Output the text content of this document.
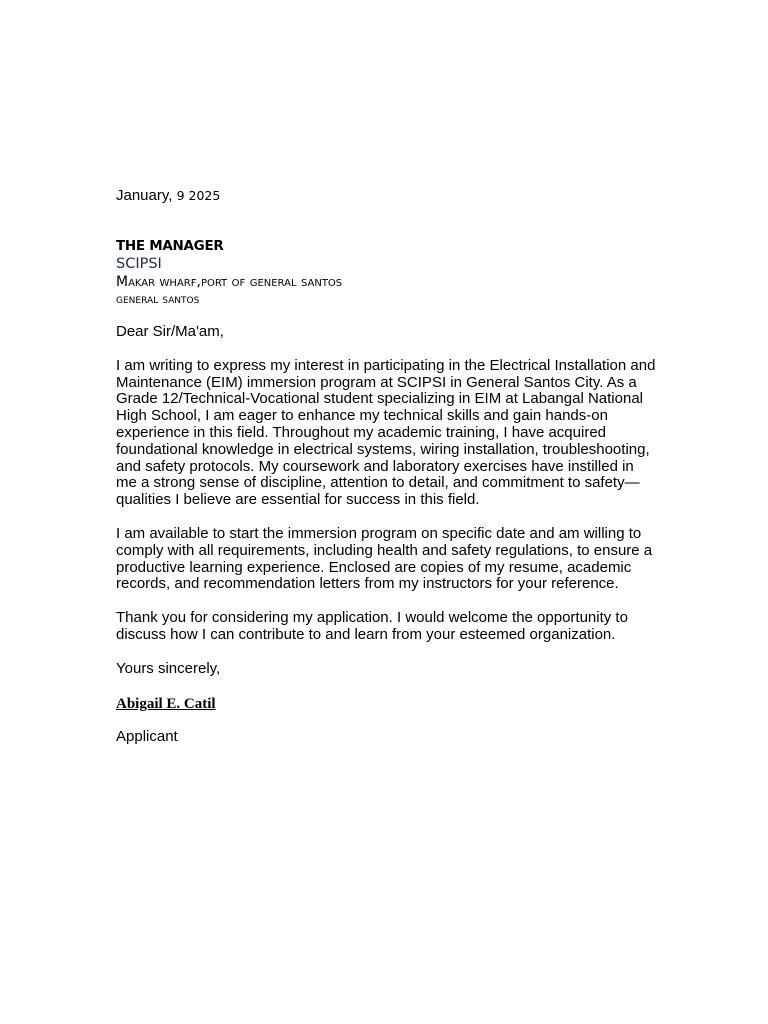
January, 9 2025

THE MANAGER
SCIPSI
Makar wharf,port of general santos
general santos
Dear Sir/Ma'am,
I am writing to express my interest in participating in the Electrical Installation and Maintenance (EIM) immersion program at SCIPSI in General Santos City. As a Grade 12/Technical-Vocational student specializing in EIM at Labangal National High School, I am eager to enhance my technical skills and gain hands-on experience in this field. Throughout my academic training, I have acquired foundational knowledge in electrical systems, wiring installation, troubleshooting, and safety protocols. My coursework and laboratory exercises have instilled in me a strong sense of discipline, attention to detail, and commitment to safety—qualities I believe are essential for success in this field.
I am available to start the immersion program on specific date and am willing to comply with all requirements, including health and safety regulations, to ensure a productive learning experience. Enclosed are copies of my resume, academic records, and recommendation letters from my instructors for your reference.
Thank you for considering my application. I would welcome the opportunity to discuss how I can contribute to and learn from your esteemed organization.
Yours sincerely,
Abigail E. Catil
Applicant
